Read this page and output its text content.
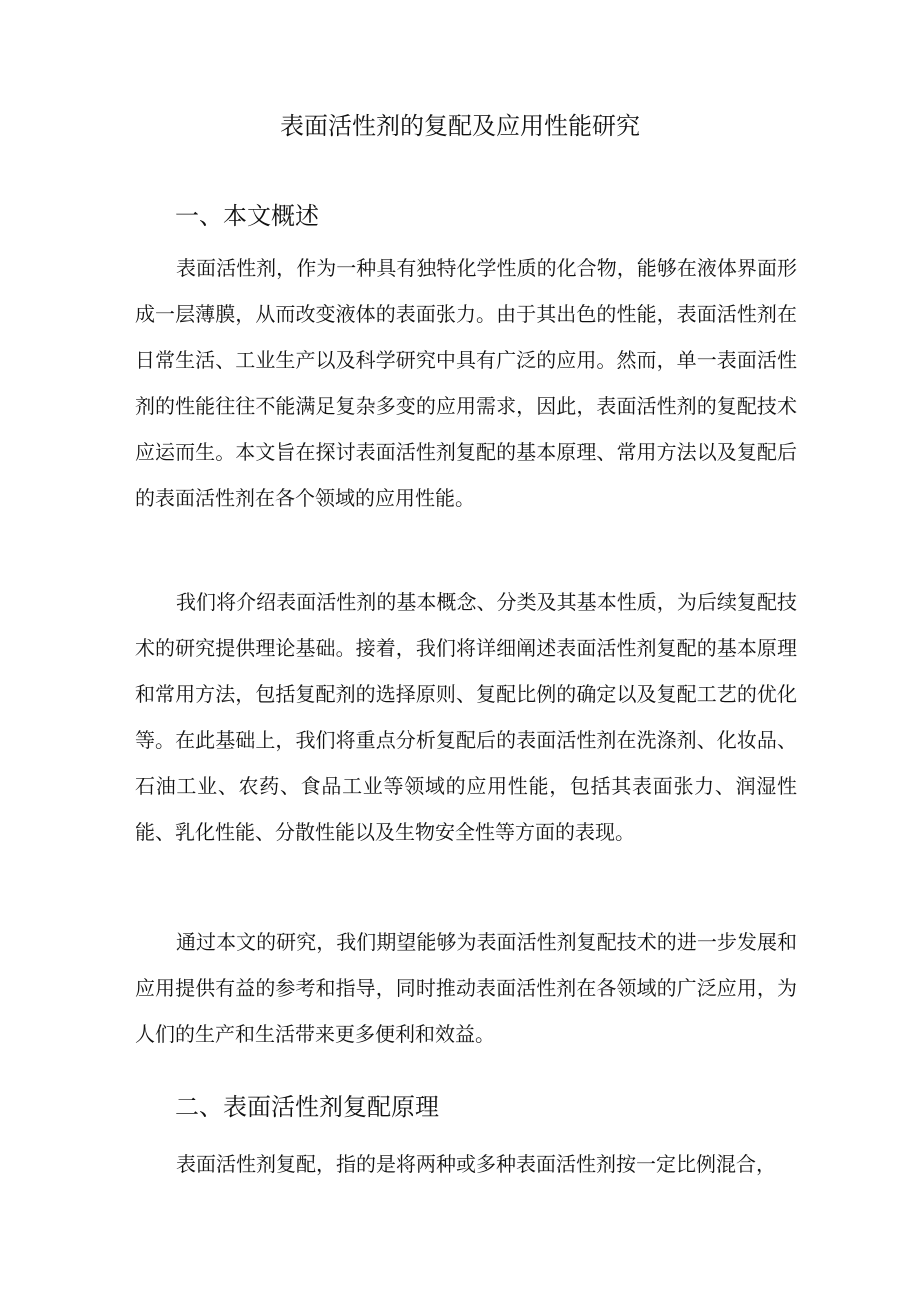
表面活性剂的复配及应用性能研究
一、本文概述

表面活性剂，作为一种具有独特化学性质的化合物，能够在液体界面形成一层薄膜，从而改变液体的表面张力。由于其出色的性能，表面活性剂在日常生活、工业生产以及科学研究中具有广泛的应用。然而，单一表面活性剂的性能往往不能满足复杂多变的应用需求，因此，表面活性剂的复配技术应运而生。本文旨在探讨表面活性剂复配的基本原理、常用方法以及复配后的表面活性剂在各个领域的应用性能。

我们将介绍表面活性剂的基本概念、分类及其基本性质，为后续复配技术的研究提供理论基础。接着，我们将详细阐述表面活性剂复配的基本原理和常用方法，包括复配剂的选择原则、复配比例的确定以及复配工艺的优化等。在此基础上，我们将重点分析复配后的表面活性剂在洗涤剂、化妆品、石油工业、农药、食品工业等领域的应用性能，包括其表面张力、润湿性能、乳化性能、分散性能以及生物安全性等方面的表现。

通过本文的研究，我们期望能够为表面活性剂复配技术的进一步发展和应用提供有益的参考和指导，同时推动表面活性剂在各领域的广泛应用，为人们的生产和生活带来更多便利和效益。

二、表面活性剂复配原理

表面活性剂复配，指的是将两种或多种表面活性剂按一定比例混合，
